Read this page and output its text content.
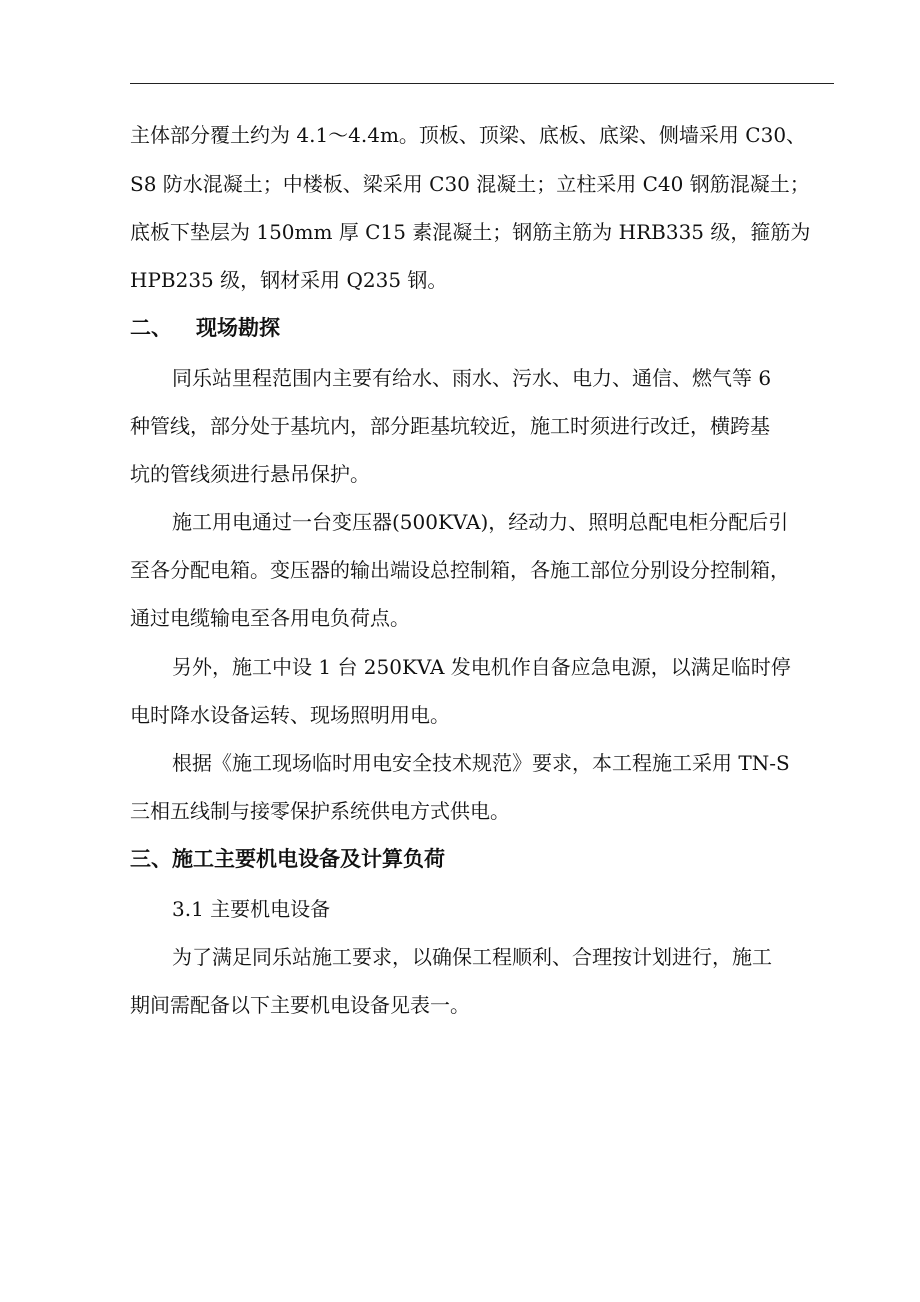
主体部分覆土约为 4.1～4.4m。顶板、顶梁、底板、底梁、侧墙采用 C30、
S8 防水混凝土；中楼板、梁采用 C30 混凝土；立柱采用 C40 钢筋混凝土；
底板下垫层为 150mm 厚 C15 素混凝土；钢筋主筋为 HRB335 级，箍筋为
HPB235 级，钢材采用 Q235 钢。
二、 现场勘探
同乐站里程范围内主要有给水、雨水、污水、电力、通信、燃气等 6
种管线，部分处于基坑内，部分距基坑较近，施工时须进行改迁，横跨基
坑的管线须进行悬吊保护。
施工用电通过一台变压器(500KVA)，经动力、照明总配电柜分配后引
至各分配电箱。变压器的输出端设总控制箱，各施工部位分别设分控制箱，
通过电缆输电至各用电负荷点。
另外，施工中设 1 台 250KVA 发电机作自备应急电源，以满足临时停
电时降水设备运转、现场照明用电。
根据《施工现场临时用电安全技术规范》要求，本工程施工采用 TN-S
三相五线制与接零保护系统供电方式供电。
三、施工主要机电设备及计算负荷
3.1 主要机电设备
为了满足同乐站施工要求，以确保工程顺利、合理按计划进行，施工
期间需配备以下主要机电设备见表一。
